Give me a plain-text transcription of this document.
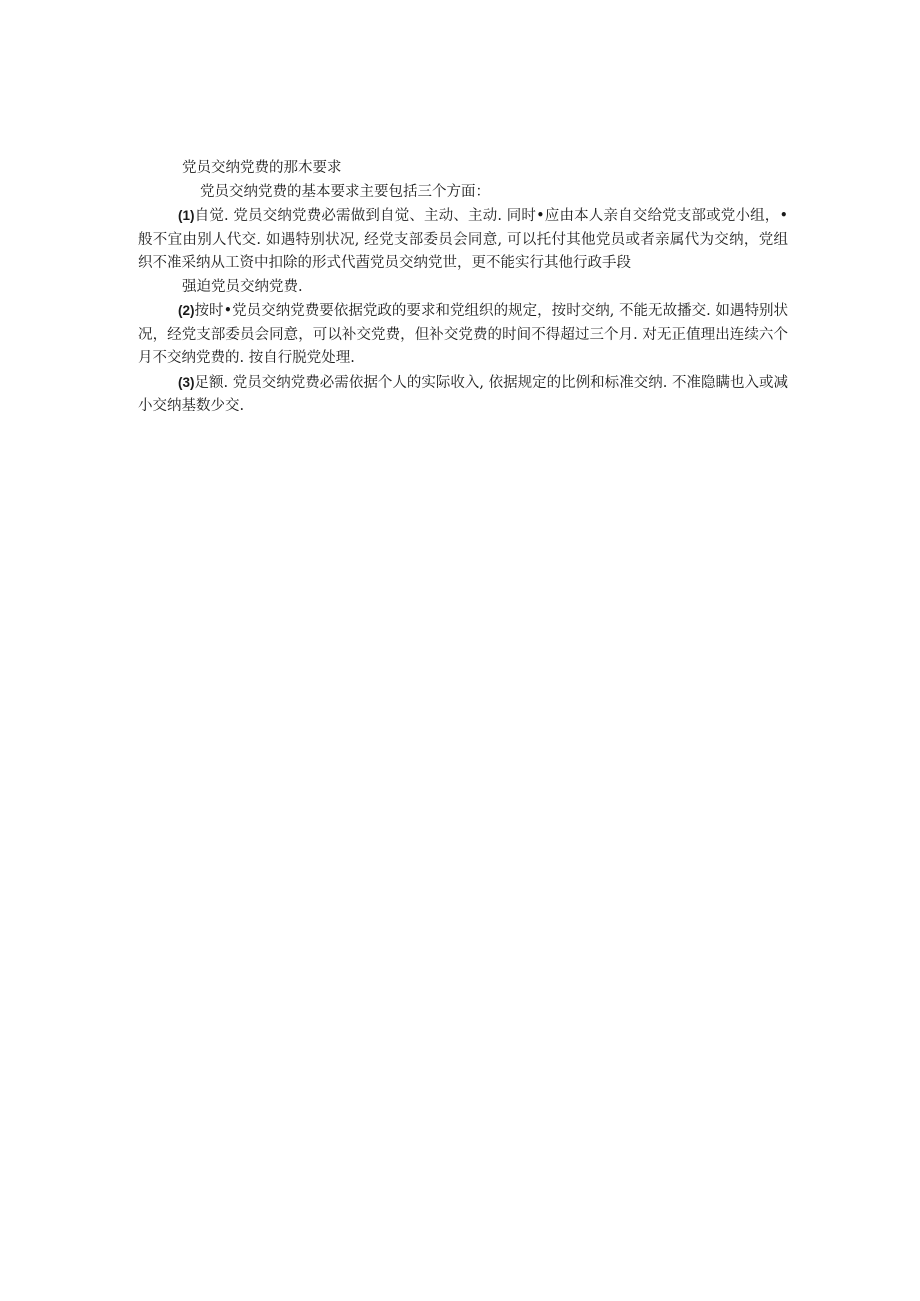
党员交纳党费的那木要求

党员交纳党费的基本要求主要包括三个方面：

(1)自觉. 党员交纳党费必需做到自觉、主动、主动. 同时•应由本人亲自交给党支部或党小组，•般不宜由别人代交. 如遇特别状况, 经党支部委员会同意, 可以托付其他党员或者亲属代为交纳，党组织不准采纳从工资中扣除的形式代莤党员交纳党世，更不能实行其他行政手段

强迫党员交纳党费.

(2)按时•党员交纳党费要依据党政的要求和党组织的规定，按时交纳, 不能无故播交. 如遇特别状况，经党支部委员会同意，可以补交党费，但补交党费的时间不得超过三个月. 对无正值理出连续六个月不交纳党费的. 按自行脱党处理.

(3)足额. 党员交纳党费必需依据个人的实际收入, 依据规定的比例和标准交纳. 不准隐瞒也入或减小交纳基数少交.
